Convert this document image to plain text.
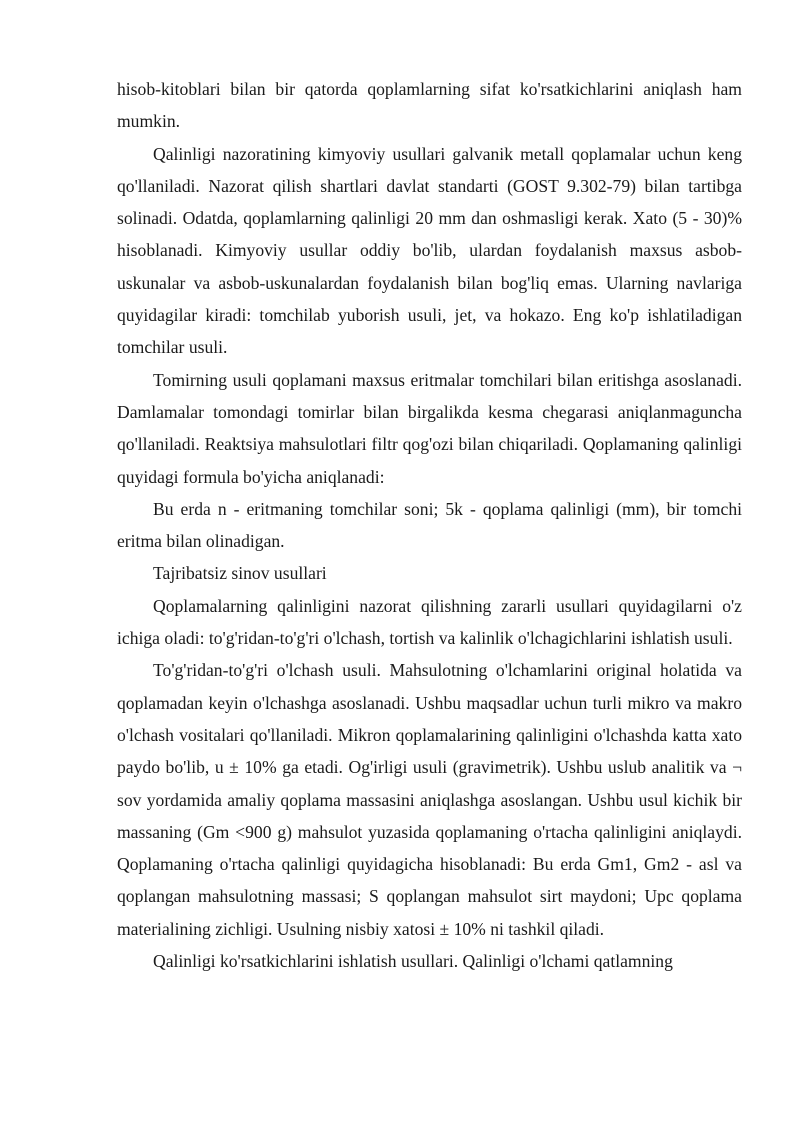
hisob-kitoblari bilan bir qatorda qoplamlarning sifat ko'rsatkichlarini aniqlash ham mumkin.

Qalinligi nazoratining kimyoviy usullari galvanik metall qoplamalar uchun keng qo'llaniladi. Nazorat qilish shartlari davlat standarti (GOST 9.302-79) bilan tartibga solinadi. Odatda, qoplamlarning qalinligi 20 mm dan oshmasligi kerak. Xato (5 - 30)% hisoblanadi. Kimyoviy usullar oddiy bo'lib, ulardan foydalanish maxsus asbob-uskunalar va asbob-uskunalardan foydalanish bilan bog'liq emas. Ularning navlariga quyidagilar kiradi: tomchilab yuborish usuli, jet, va hokazo. Eng ko'p ishlatiladigan tomchilar usuli.

Tomirning usuli qoplamani maxsus eritmalar tomchilari bilan eritishga asoslanadi. Damlamalar tomondagi tomirlar bilan birgalikda kesma chegarasi aniqlanmaguncha qo'llaniladi. Reaktsiya mahsulotlari filtr qog'ozi bilan chiqariladi. Qoplamaning qalinligi quyidagi formula bo'yicha aniqlanadi:

Bu erda n - eritmaning tomchilar soni; 5k - qoplama qalinligi (mm), bir tomchi eritma bilan olinadigan.

Tajribatsiz sinov usullari

Qoplamalarning qalinligini nazorat qilishning zararli usullari quyidagilarni o'z ichiga oladi: to'g'ridan-to'g'ri o'lchash, tortish va kalinlik o'lchagichlarini ishlatish usuli.

To'g'ridan-to'g'ri o'lchash usuli. Mahsulotning o'lchamlarini original holatida va qoplamadan keyin o'lchashga asoslanadi. Ushbu maqsadlar uchun turli mikro va makro o'lchash vositalari qo'llaniladi. Mikron qoplamalarining qalinligini o'lchashda katta xato paydo bo'lib, u ± 10% ga etadi. Og'irligi usuli (gravimetrik). Ushbu uslub analitik va ¬ sov yordamida amaliy qoplama massasini aniqlashga asoslangan. Ushbu usul kichik bir massaning (Gm <900 g) mahsulot yuzasida qoplamaning o'rtacha qalinligini aniqlaydi. Qoplamaning o'rtacha qalinligi quyidagicha hisoblanadi: Bu erda Gm1, Gm2 - asl va qoplangan mahsulotning massasi; S qoplangan mahsulot sirt maydoni; Upc qoplama materialining zichligi. Usulning nisbiy xatosi ± 10% ni tashkil qiladi.

Qalinligi ko'rsatkichlarini ishlatish usullari. Qalinligi o'lchami qatlamning
